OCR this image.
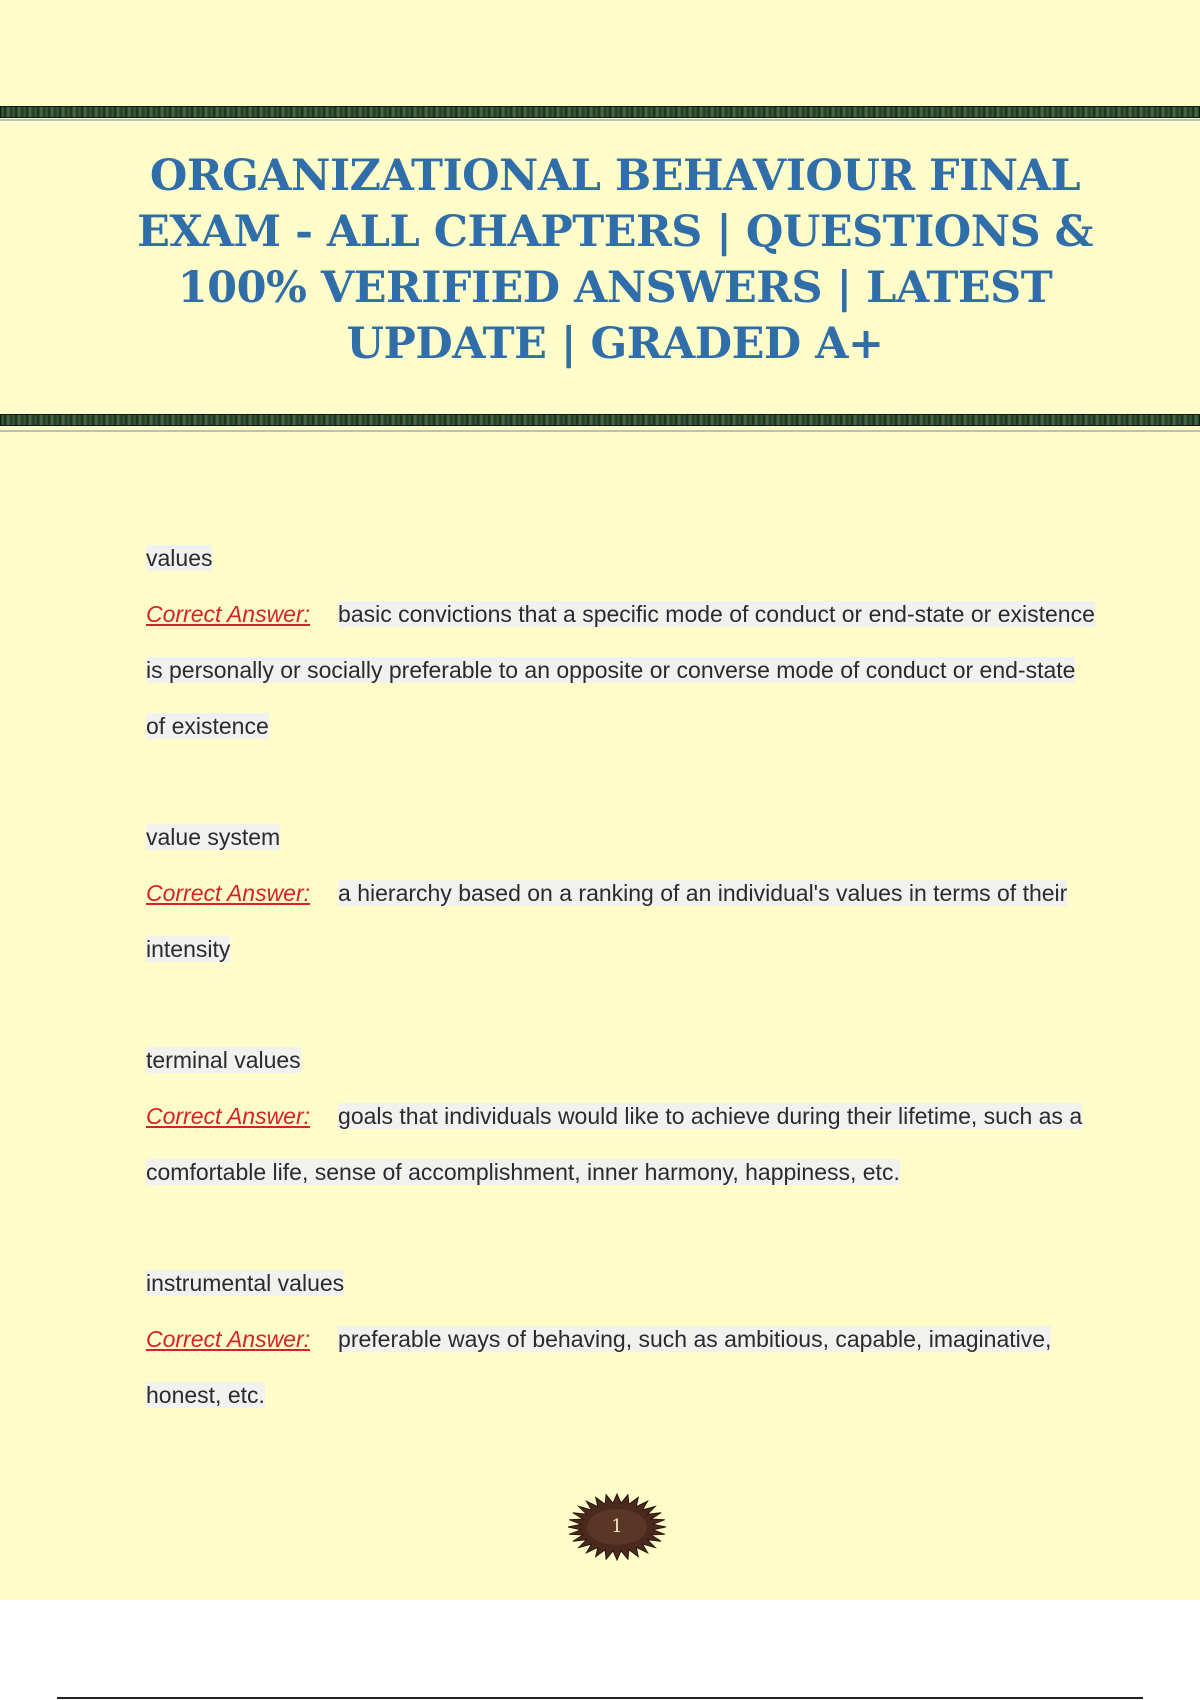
ORGANIZATIONAL BEHAVIOUR FINAL EXAM - ALL CHAPTERS | QUESTIONS & 100% VERIFIED ANSWERS | LATEST UPDATE | GRADED A+
values
Correct Answer: basic convictions that a specific mode of conduct or end-state or existence is personally or socially preferable to an opposite or converse mode of conduct or end-state of existence
value system
Correct Answer: a hierarchy based on a ranking of an individual's values in terms of their intensity
terminal values
Correct Answer: goals that individuals would like to achieve during their lifetime, such as a comfortable life, sense of accomplishment, inner harmony, happiness, etc.
instrumental values
Correct Answer: preferable ways of behaving, such as ambitious, capable, imaginative, honest, etc.
1
